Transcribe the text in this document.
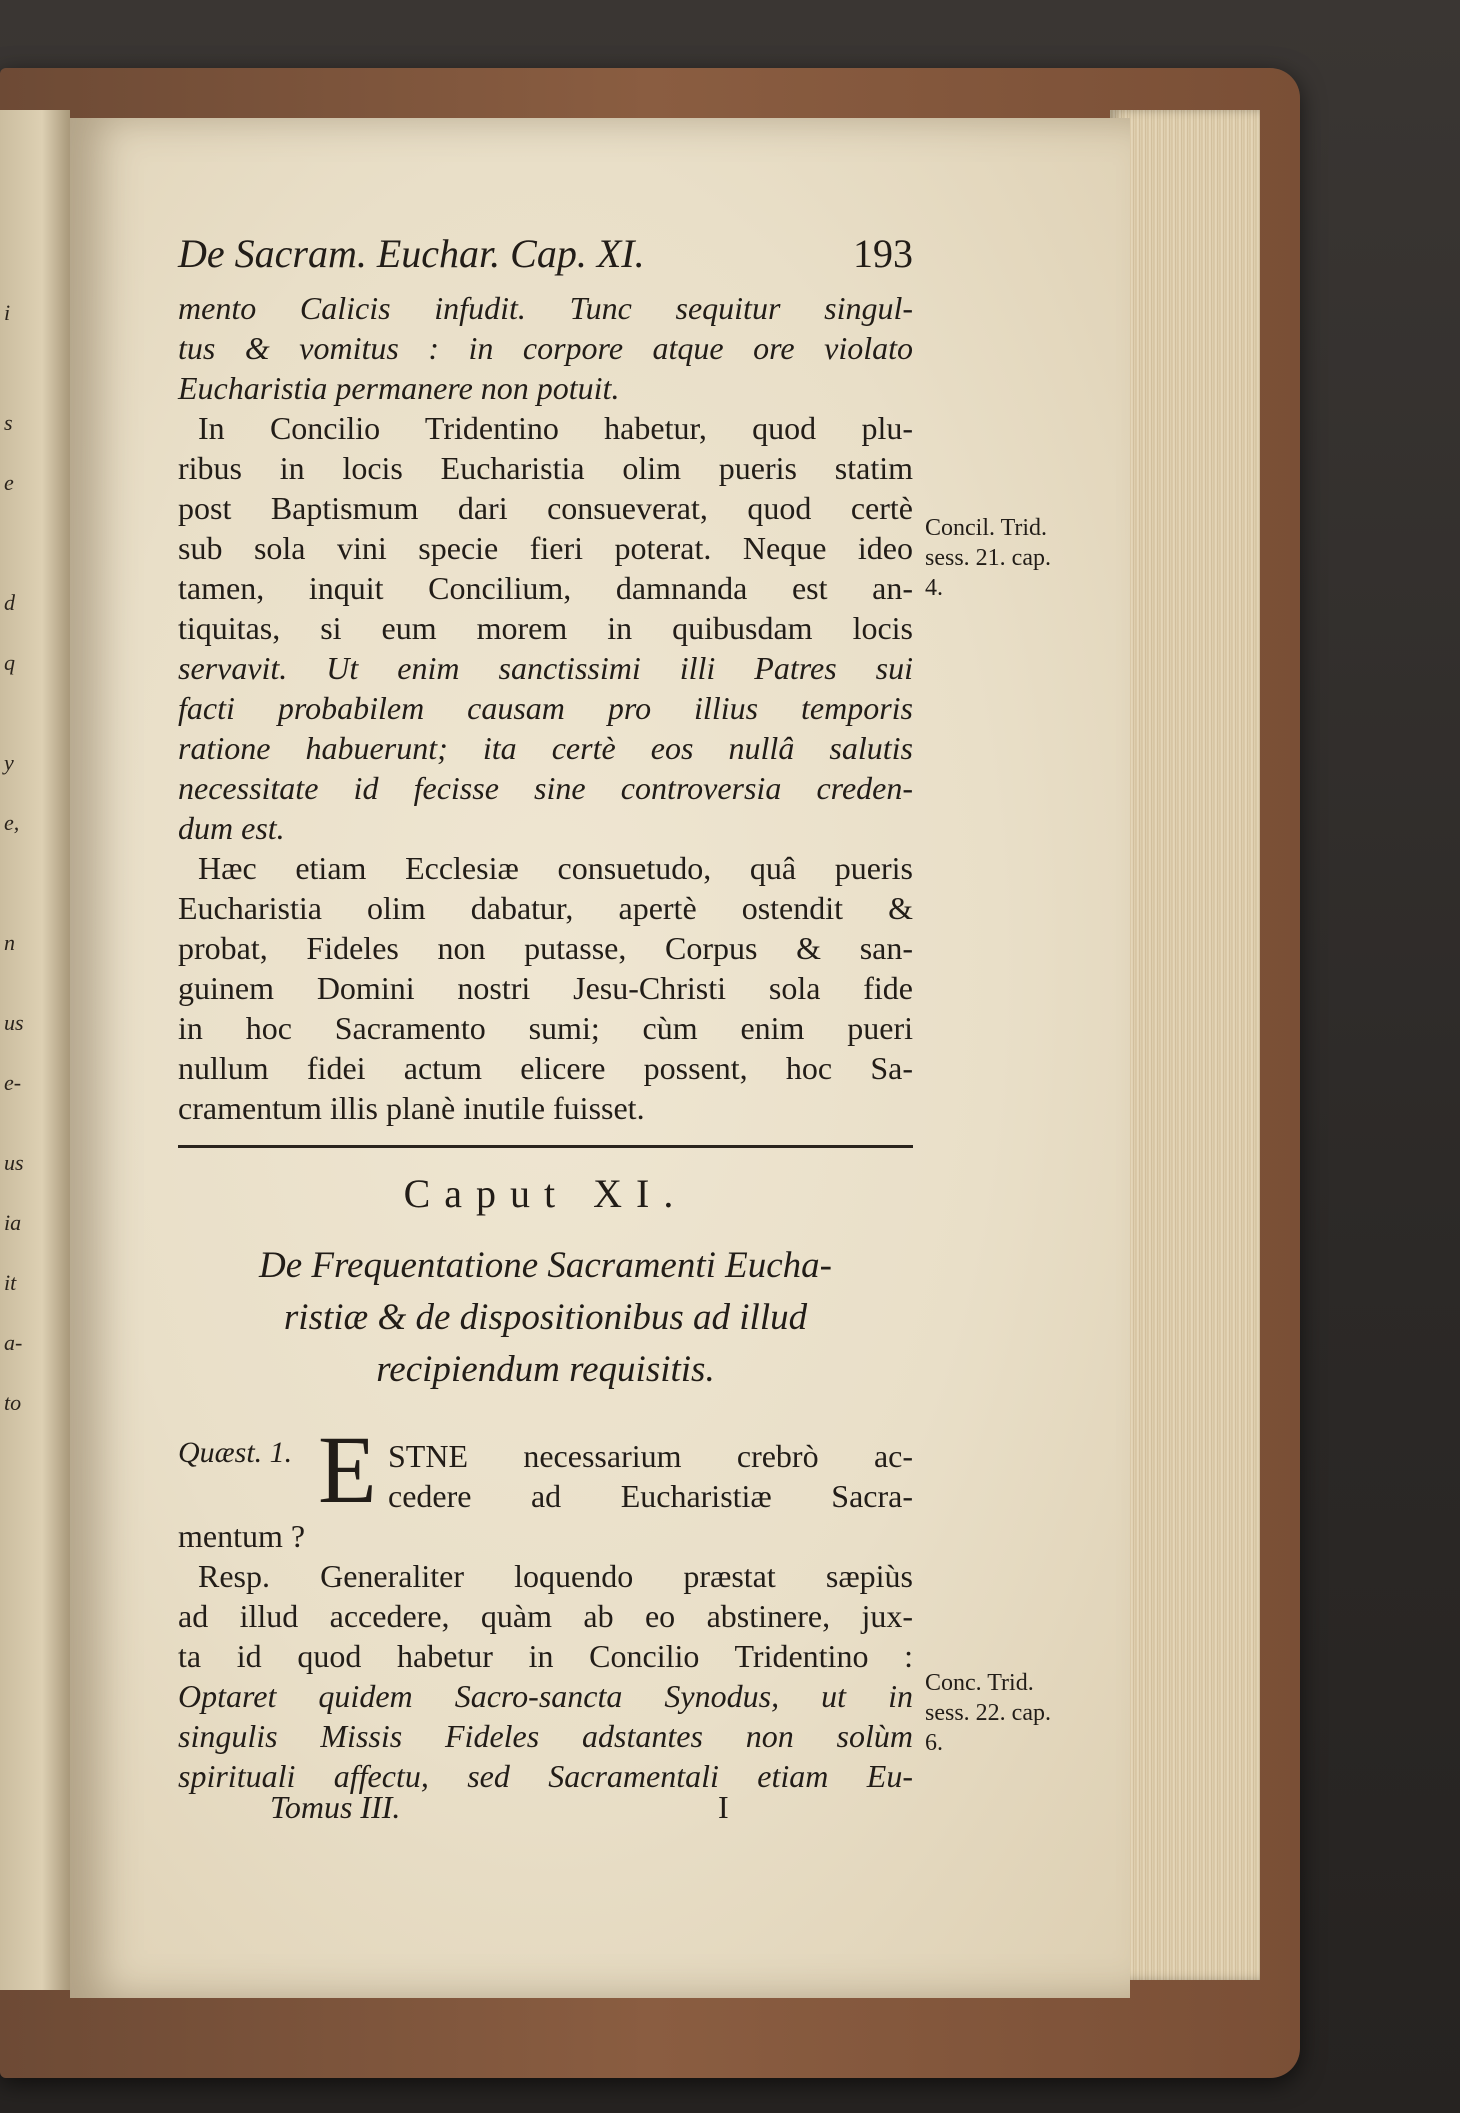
i
s
e
d
q
y
e,
n
us
e-
us
ia
it
a-
to
De Sacram. Euchar. Cap. XI.	193
mento Calicis infudit. Tunc sequitur singul-
tus & vomitus : in corpore atque ore violato
Eucharistia permanere non potuit.
In Concilio Tridentino habetur, quod plu-
ribus in locis Eucharistia olim pueris statim
post Baptismum dari consueverat, quod certè
sub sola vini specie fieri poterat. Neque ideo
tamen, inquit Concilium, damnanda est an-
tiquitas, si eum morem in quibusdam locis
servavit. Ut enim sanctissimi illi Patres sui
facti probabilem causam pro illius temporis
ratione habuerunt; ita certè eos nullâ salutis
necessitate id fecisse sine controversia creden-
dum est.
Hæc etiam Ecclesiæ consuetudo, quâ pueris
Eucharistia olim dabatur, apertè ostendit &
probat, Fideles non putasse, Corpus & san-
guinem Domini nostri Jesu-Christi sola fide
in hoc Sacramento sumi; cùm enim pueri
nullum fidei actum elicere possent, hoc Sa-
cramentum illis planè inutile fuisset.
Concil. Trid.
sess. 21. cap.
4.
Caput XI.
De Frequentatione Sacramenti Eucha-
ristiæ & de dispositionibus ad illud
recipiendum requisitis.
Quæst. 1. E STNE necessarium crebrò ac-
cedere ad Eucharistiæ Sacra-
mentum ?
Resp. Generaliter loquendo præstat sæpiùs
ad illud accedere, quàm ab eo abstinere, jux-
ta id quod habetur in Concilio Tridentino :
Optaret quidem Sacro-sancta Synodus, ut in
singulis Missis Fideles adstantes non solùm
spirituali affectu, sed Sacramentali etiam Eu-
Conc. Trid.
sess. 22. cap.
6.
Tomus III.	I
